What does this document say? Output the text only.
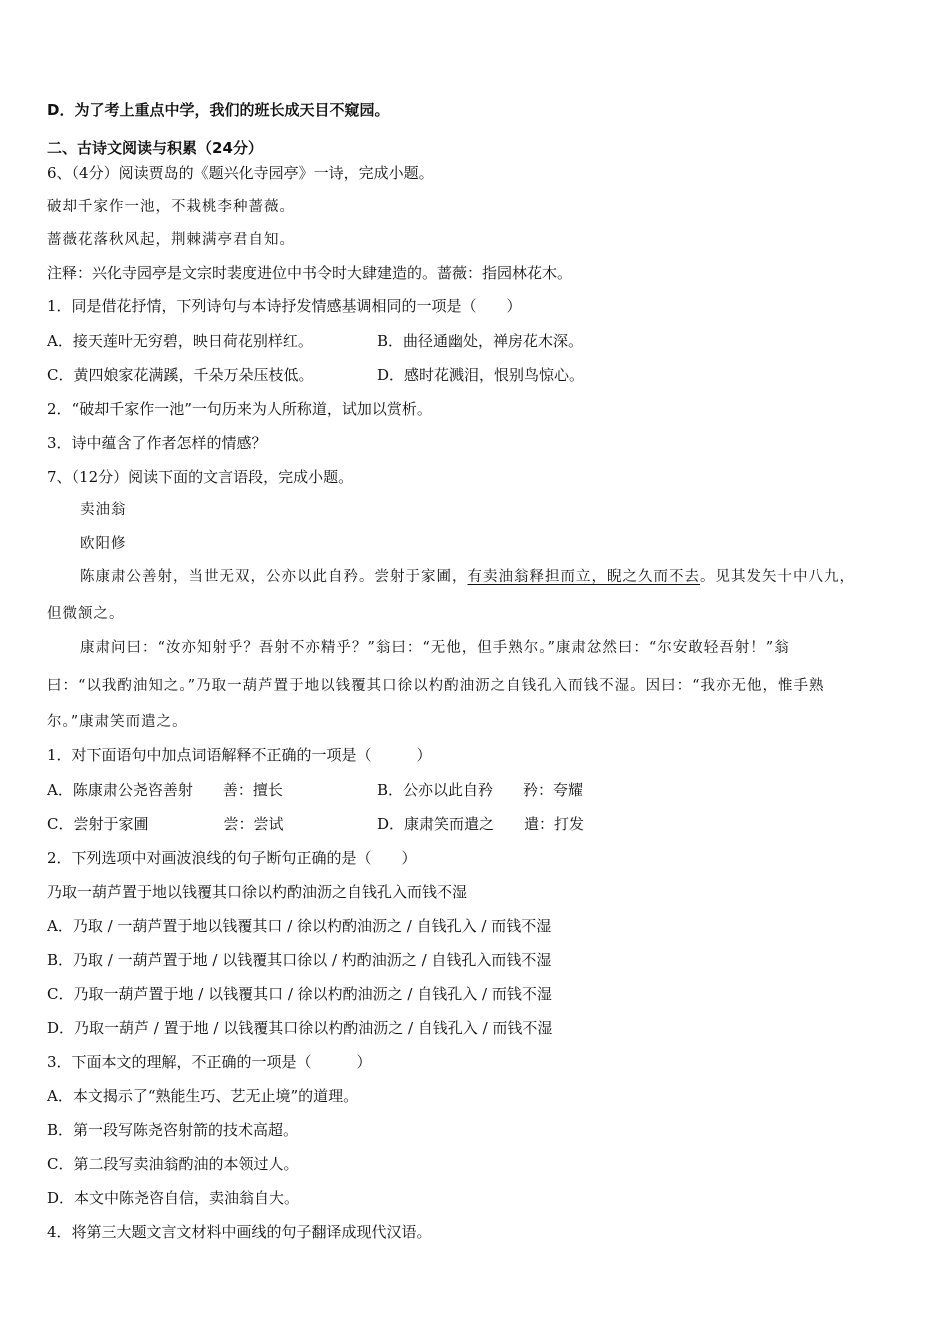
D．为了考上重点中学，我们的班长成天目不窥园。
二、古诗文阅读与积累（24分）
6、（4分）阅读贾岛的《题兴化寺园亭》一诗，完成小题。
破却千家作一池，不栽桃李种蔷薇。
蔷薇花落秋风起，荆棘满亭君自知。
注释：兴化寺园亭是文宗时裴度进位中书令时大肆建造的。蔷薇：指园林花木。
1．同是借花抒情，下列诗句与本诗抒发情感基调相同的一项是（　　）
A．接天莲叶无穷碧，映日荷花别样红。	B．曲径通幽处，禅房花木深。
C．黄四娘家花满蹊，千朵万朵压枝低。	D．感时花溅泪，恨别鸟惊心。
2．“破却千家作一池”一句历来为人所称道，试加以赏析。
3．诗中蕴含了作者怎样的情感？
7、（12分）阅读下面的文言语段，完成小题。
卖油翁
欧阳修
陈康肃公善射，当世无双，公亦以此自矜。尝射于家圃，有卖油翁释担而立，睨之久而不去。见其发矢十中八九，
但微颔之。
康肃问曰：“汝亦知射乎？吾射不亦精乎？”翁曰：“无他，但手熟尔。”康肃忿然曰：“尔安敢轻吾射！”翁
曰：“以我酌油知之。”乃取一葫芦置于地以钱覆其口徐以杓酌油沥之自钱孔入而钱不湿。因曰：“我亦无他，惟手熟
尔。”康肃笑而遣之。
1．对下面语句中加点词语解释不正确的一项是（　　　）
A．陈康肃公尧咨善射　　善：擅长	B．公亦以此自矜　　矜：夸耀
C．尝射于家圃　　　　　尝：尝试	D．康肃笑而遣之　　遣：打发
2．下列选项中对画波浪线的句子断句正确的是（　　）
乃取一葫芦置于地以钱覆其口徐以杓酌油沥之自钱孔入而钱不湿
A．乃取 / 一葫芦置于地以钱覆其口 / 徐以杓酌油沥之 / 自钱孔入 / 而钱不湿
B．乃取 / 一葫芦置于地 / 以钱覆其口徐以 / 杓酌油沥之 / 自钱孔入而钱不湿
C．乃取一葫芦置于地 / 以钱覆其口 / 徐以杓酌油沥之 / 自钱孔入 / 而钱不湿
D．乃取一葫芦 / 置于地 / 以钱覆其口徐以杓酌油沥之 / 自钱孔入 / 而钱不湿
3．下面本文的理解，不正确的一项是（　　　）
A．本文揭示了“熟能生巧、艺无止境”的道理。
B．第一段写陈尧咨射箭的技术高超。
C．第二段写卖油翁酌油的本领过人。
D．本文中陈尧咨自信，卖油翁自大。
4．将第三大题文言文材料中画线的句子翻译成现代汉语。
